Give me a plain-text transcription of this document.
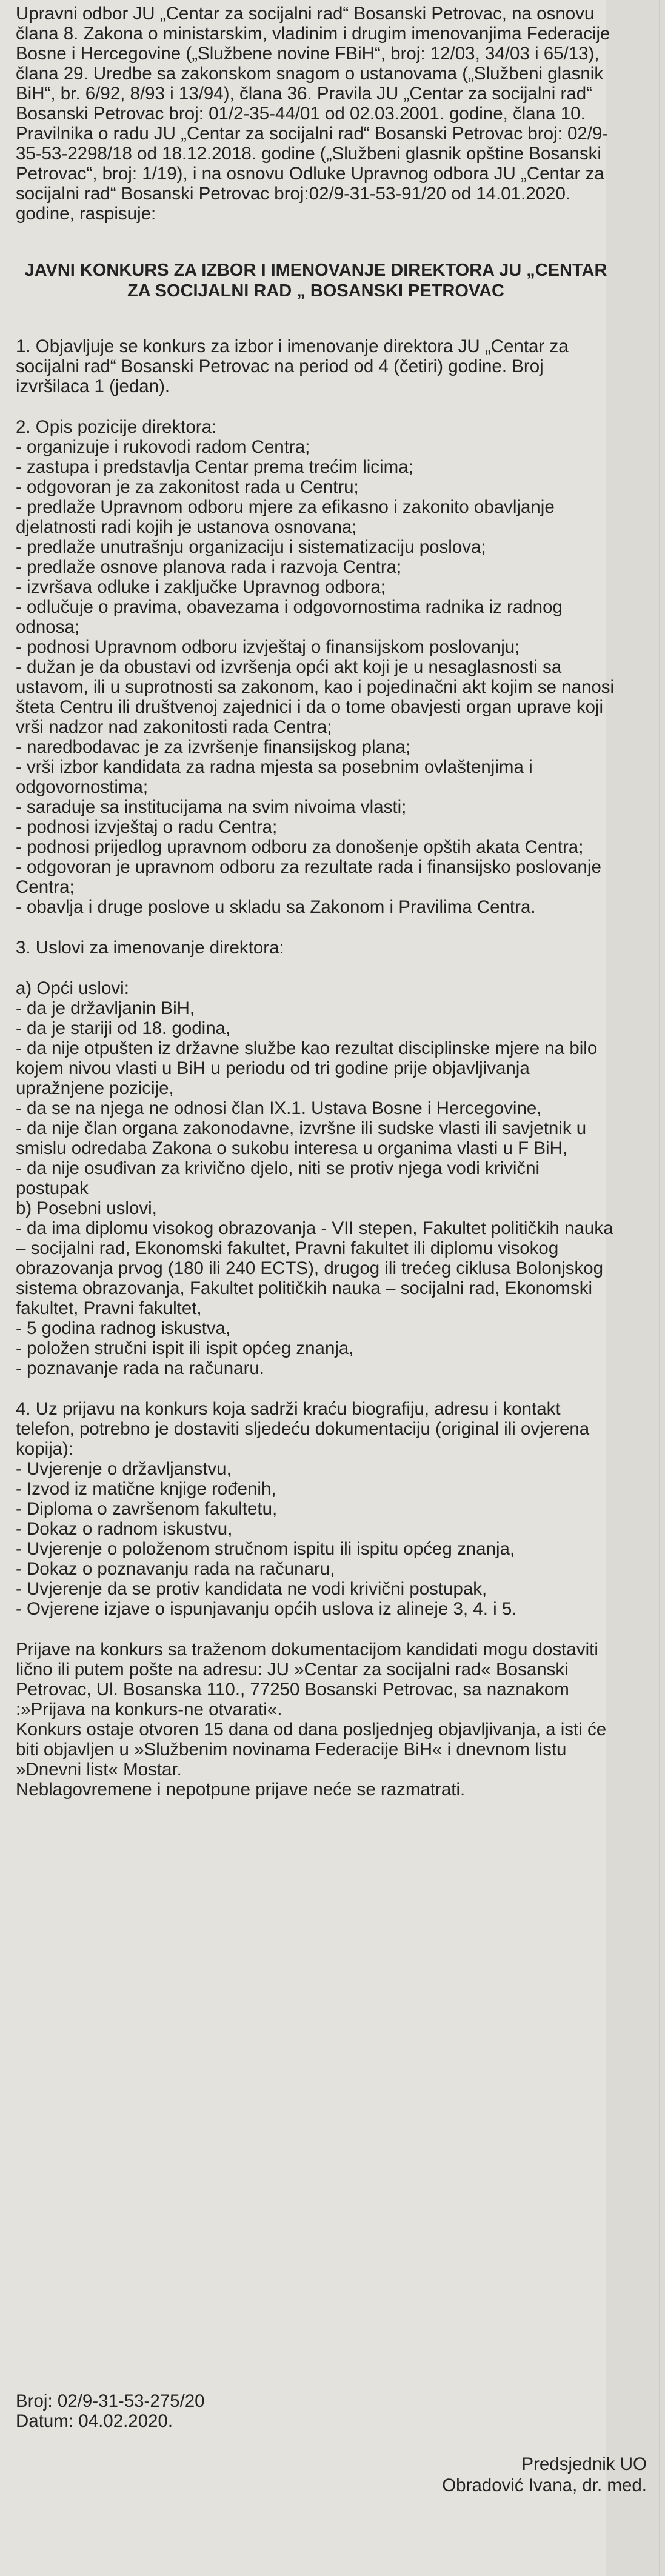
Upravni odbor JU „Centar za socijalni rad“ Bosanski Petrovac, na osnovu člana 8. Zakona o ministarskim, vladinim i drugim imenovanjima Federacije Bosne i Hercegovine („Službene novine FBiH“, broj: 12/03, 34/03 i 65/13), člana 29. Uredbe sa zakonskom snagom o ustanovama („Službeni glasnik BiH“, br. 6/92, 8/93 i 13/94), člana 36. Pravila JU „Centar za socijalni rad“ Bosanski Petrovac broj: 01/2-35-44/01 od 02.03.2001. godine, člana 10. Pravilnika o radu JU „Centar za socijalni rad“ Bosanski Petrovac broj: 02/9-35-53-2298/18 od 18.12.2018. godine („Službeni glasnik opštine Bosanski Petrovac“, broj: 1/19), i na osnovu Odluke Upravnog odbora JU „Centar za socijalni rad“ Bosanski Petrovac broj:02/9-31-53-91/20 od 14.01.2020. godine, raspisuje:

JAVNI KONKURS ZA IZBOR I IMENOVANJE DIREKTORA JU „CENTAR ZA SOCIJALNI RAD „ BOSANSKI PETROVAC

1. Objavljuje se konkurs za izbor i imenovanje direktora JU „Centar za socijalni rad“ Bosanski Petrovac na period od 4 (četiri) godine. Broj izvršilaca 1 (jedan).

2. Opis pozicije direktora:

- organizuje i rukovodi radom Centra;
- zastupa i predstavlja Centar prema trećim licima;
- odgovoran je za zakonitost rada u Centru;
- predlaže Upravnom odboru mjere za efikasno i zakonito obavljanje djelatnosti radi kojih je ustanova osnovana;
- predlaže unutrašnju organizaciju i sistematizaciju poslova;
- predlaže osnove planova rada i razvoja Centra;
- izvršava odluke i zaključke Upravnog odbora;
- odlučuje o pravima, obavezama i odgovornostima radnika iz radnog odnosa;
- podnosi Upravnom odboru izvještaj o finansijskom poslovanju;
- dužan je da obustavi od izvršenja opći akt koji je u nesaglasnosti sa ustavom, ili u suprotnosti sa zakonom, kao i pojedinačni akt kojim se nanosi šteta Centru ili društvenoj zajednici i da o tome obavjesti organ uprave koji vrši nadzor nad zakonitosti rada Centra;
- naredbodavac je za izvršenje finansijskog plana;
- vrši izbor kandidata za radna mjesta sa posebnim ovlaštenjima i odgovornostima;
- saraduje sa institucijama na svim nivoima vlasti;
- podnosi izvještaj o radu Centra;
- podnosi prijedlog upravnom odboru za donošenje opštih akata Centra;
- odgovoran je upravnom odboru za rezultate rada i finansijsko poslovanje Centra;
- obavlja i druge poslove u skladu sa Zakonom i Pravilima Centra.

3. Uslovi za imenovanje direktora:

a) Opći uslovi:

- da je državljanin BiH,
- da je stariji od 18. godina,
- da nije otpušten iz državne službe kao rezultat disciplinske mjere na bilo kojem nivou vlasti u BiH u periodu od tri godine prije objavljivanja upražnjene pozicije,
- da se na njega ne odnosi član IX.1. Ustava Bosne i Hercegovine,
- da nije član organa zakonodavne, izvršne ili sudske vlasti ili savjetnik u smislu odredaba Zakona o sukobu interesa u organima vlasti u F BiH,
- da nije osuđivan za krivično djelo, niti se protiv njega vodi krivični postupak

b) Posebni uslovi,

- da ima diplomu visokog obrazovanja - VII stepen, Fakultet političkih nauka – socijalni rad, Ekonomski fakultet, Pravni fakultet ili diplomu visokog obrazovanja prvog (180 ili 240 ECTS), drugog ili trećeg ciklusa Bolonjskog sistema obrazovanja, Fakultet političkih nauka – socijalni rad, Ekonomski fakultet, Pravni fakultet,
- 5 godina radnog iskustva,
- položen stručni ispit ili ispit općeg znanja,
- poznavanje rada na računaru.

4. Uz prijavu na konkurs koja sadrži kraću biografiju, adresu i kontakt telefon, potrebno je dostaviti sljedeću dokumentaciju (original ili ovjerena kopija):

- Uvjerenje o državljanstvu,
- Izvod iz matične knjige rođenih,
- Diploma o završenom fakultetu,
- Dokaz o radnom iskustvu,
- Uvjerenje o položenom stručnom ispitu ili ispitu općeg znanja,
- Dokaz o poznavanju rada na računaru,
- Uvjerenje da se protiv kandidata ne vodi krivični postupak,
- Ovjerene izjave o ispunjavanju općih uslova iz alineje 3, 4. i 5.

Prijave na konkurs sa traženom dokumentacijom kandidati mogu dostaviti lično ili putem pošte na adresu: JU »Centar za socijalni rad« Bosanski Petrovac, Ul. Bosanska 110., 77250 Bosanski Petrovac, sa naznakom :»Prijava na konkurs-ne otvarati«.

Konkurs ostaje otvoren 15 dana od dana posljednjeg objavljivanja, a isti će biti objavljen u »Službenim novinama Federacije BiH« i dnevnom listu »Dnevni list« Mostar.

Neblagovremene i nepotpune prijave neće se razmatrati.

Broj: 02/9-31-53-275/20
Datum: 04.02.2020.
Predsjednik UO
Obradović Ivana, dr. med.
